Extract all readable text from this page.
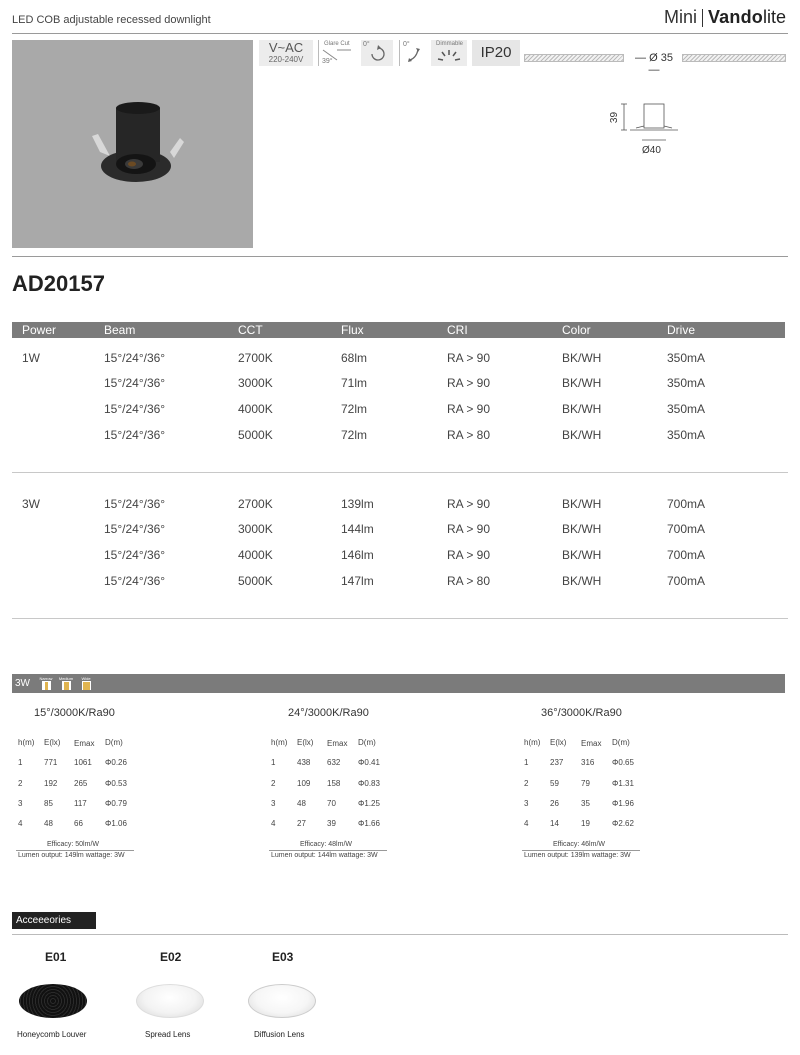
LED COB adjustable recessed downlight	Mini Vando lite
V~AC
220-240V
Glare Cut
39°
0°	0°	Dimmable	IP20	— Ø 35 —
39
Ø40
AD20157
Power	Beam	CCT	Flux	CRI	Color	Drive
1W	15°/24°/36°	2700K	68lm	RA > 90	BK/WH	350mA
15°/24°/36°	3000K	71lm	RA > 90	BK/WH	350mA
15°/24°/36°	4000K	72lm	RA > 90	BK/WH	350mA
15°/24°/36°	5000K	72lm	RA > 80	BK/WH	350mA
3W	15°/24°/36°	2700K	139lm	RA > 90	BK/WH	700mA
15°/24°/36°	3000K	144lm	RA > 90	BK/WH	700mA
15°/24°/36°	4000K	146lm	RA > 90	BK/WH	700mA
15°/24°/36°	5000K	147lm	RA > 80	BK/WH	700mA
3W	Narrow	Medium	Wide
15°/3000K/Ra90
h(m) E(lx) Emax D(m)
1	771 1061 Φ0.26
2	192 265 Φ0.53
3	85	117 Φ0.79
4	48	66	Φ1.06
Efficacy: 50lm/W
Lumen output: 149lm wattage: 3W
24°/3000K/Ra90
h(m) E(lx) Emax D(m)
1	438 632 Φ0.41
2	109 158 Φ0.83
3	48	70	Φ1.25
4	27	39	Φ1.66
Efficacy: 48lm/W
Lumen output: 144lm wattage: 3W
36°/3000K/Ra90
h(m) E(lx) Emax D(m)
1	237 316 Φ0.65
2	59	79	Φ1.31
3	26	35	Φ1.96
4	14	19	Φ2.62
Efficacy: 46lm/W
Lumen output: 139lm wattage: 3W
Acceeeories
E01
Honeycomb Louver
E02
Spread Lens
E03
Diffusion Lens
